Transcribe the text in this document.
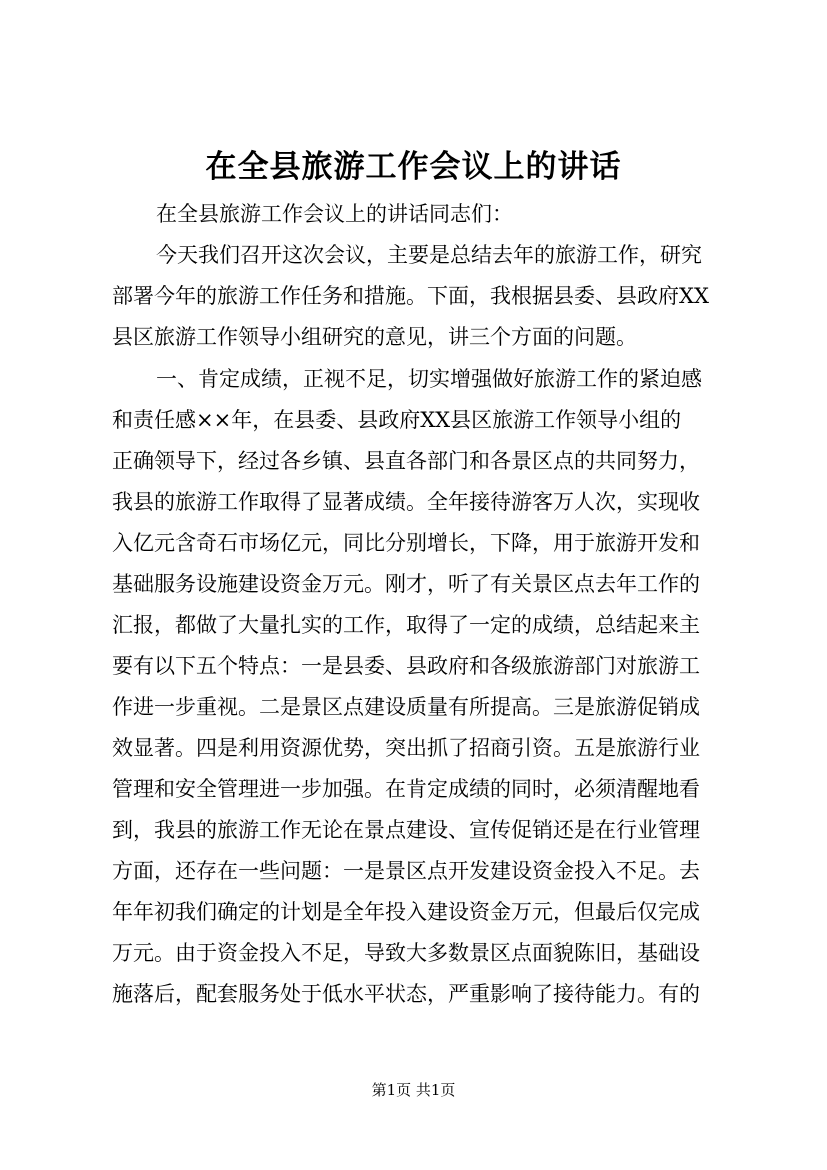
在全县旅游工作会议上的讲话
在全县旅游工作会议上的讲话同志们：
今天我们召开这次会议，主要是总结去年的旅游工作，研究
部署今年的旅游工作任务和措施。下面，我根据县委、县政府XX
县区旅游工作领导小组研究的意见，讲三个方面的问题。
一、肯定成绩，正视不足，切实增强做好旅游工作的紧迫感
和责任感××年，在县委、县政府XX县区旅游工作领导小组的
正确领导下，经过各乡镇、县直各部门和各景区点的共同努力，
我县的旅游工作取得了显著成绩。全年接待游客万人次，实现收
入亿元含奇石市场亿元，同比分别增长，下降，用于旅游开发和
基础服务设施建设资金万元。刚才，听了有关景区点去年工作的
汇报，都做了大量扎实的工作，取得了一定的成绩，总结起来主
要有以下五个特点：一是县委、县政府和各级旅游部门对旅游工
作进一步重视。二是景区点建设质量有所提高。三是旅游促销成
效显著。四是利用资源优势，突出抓了招商引资。五是旅游行业
管理和安全管理进一步加强。在肯定成绩的同时，必须清醒地看
到，我县的旅游工作无论在景点建设、宣传促销还是在行业管理
方面，还存在一些问题：一是景区点开发建设资金投入不足。去
年年初我们确定的计划是全年投入建设资金万元，但最后仅完成
万元。由于资金投入不足，导致大多数景区点面貌陈旧，基础设
施落后，配套服务处于低水平状态，严重影响了接待能力。有的
第1页 共1页
